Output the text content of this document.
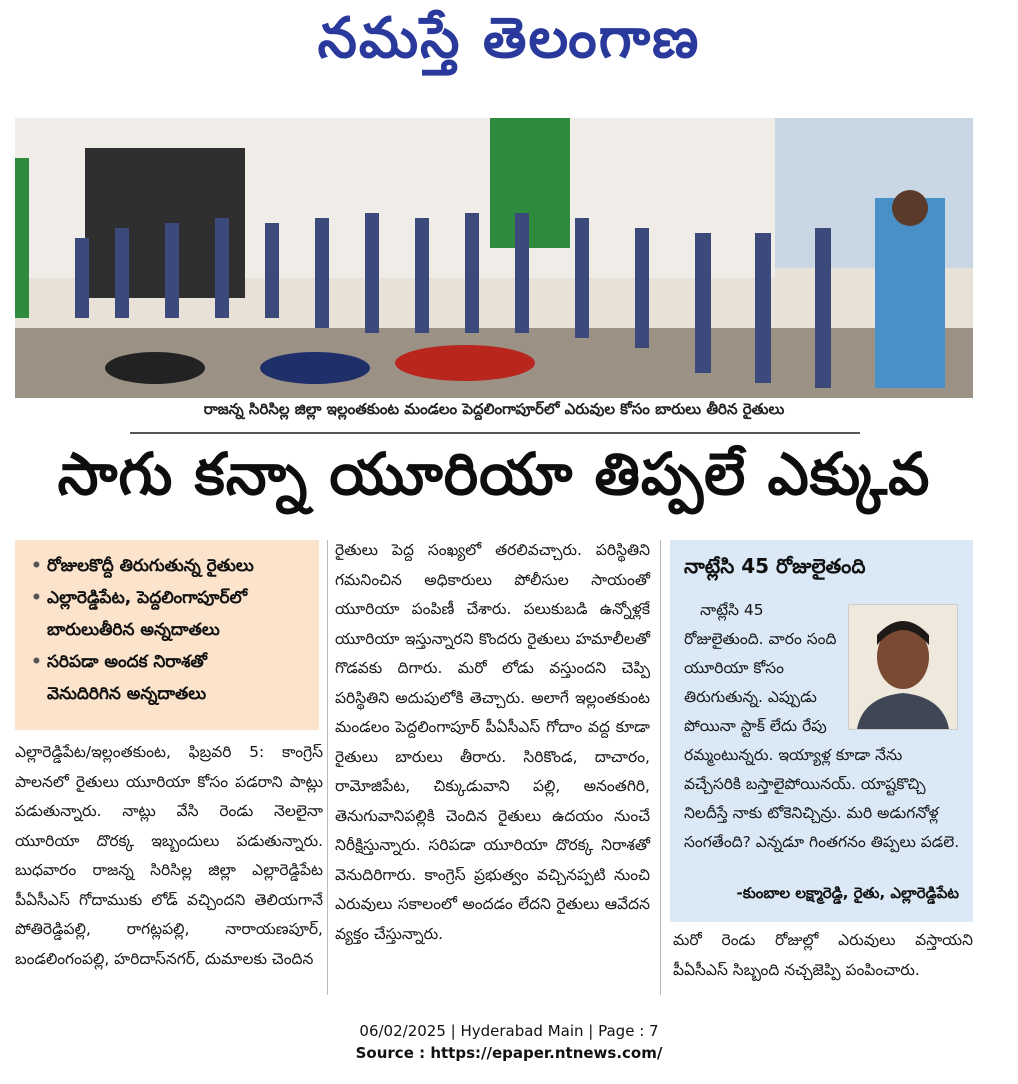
నమస్తే తెలంగాణ
రాజన్న సిరిసిల్ల జిల్లా ఇల్లంతకుంట మండలం పెద్దలింగాపూర్‌లో ఎరువుల కోసం బారులు తీరిన రైతులు
సాగు కన్నా యూరియా తిప్పలే ఎక్కువ
• రోజులకొద్దీ తిరుగుతున్న రైతులు
• ఎల్లారెడ్డిపేట, పెద్దలింగాపూర్‌లో
బారులుతీరిన అన్నదాతలు
• సరిపడా అందక నిరాశతో
వెనుదిరిగిన అన్నదాతలు

ఎల్లారెడ్డిపేట/ఇల్లంతకుంట, ఫిబ్రవరి 5: కాంగ్రెస్ పాలనలో రైతులు యూరియా కోసం పడరాని పాట్లు పడుతున్నారు. నాట్లు వేసి రెండు నెలలైనా యూరియా దొరక్క ఇబ్బందులు పడుతున్నారు. బుధవారం రాజన్న సిరిసిల్ల జిల్లా ఎల్లారెడ్డిపేట పీఏసీఎస్ గోదాముకు లోడ్ వచ్చిందని తెలియగానే పోతిరెడ్డిపల్లి, రాగట్లపల్లి, నారాయణపూర్, బండలింగంపల్లి, హరిదాస్‌నగర్, దుమాలకు చెందిన

రైతులు పెద్ద సంఖ్యలో తరలివచ్చారు. పరిస్థితిని గమనించిన అధికారులు పోలీసుల సాయంతో యూరియా పంపిణీ చేశారు. పలుకుబడి ఉన్నోళ్లకే యూరియా ఇస్తున్నారని కొందరు రైతులు హమాలీలతో గొడవకు దిగారు. మరో లోడు వస్తుందని చెప్పి పరిస్థితిని అదుపులోకి తెచ్చారు. అలాగే ఇల్లంతకుంట మండలం పెద్దలింగాపూర్ పీఏసీఎస్ గోదాం వద్ద కూడా రైతులు బారులు తీరారు. సిరికొండ, దాచారం, రామోజిపేట, చిక్కుడువాని పల్లి, అనంతగిరి, తెనుగువానిపల్లికి చెందిన రైతులు ఉదయం నుంచే నిరీక్షిస్తున్నారు. సరిపడా యూరియా దొరక్క నిరాశతో వెనుదిరిగారు. కాంగ్రెస్ ప్రభుత్వం వచ్చినప్పటి నుంచి ఎరువులు సకాలంలో అందడం లేదని రైతులు ఆవేదన వ్యక్తం చేస్తున్నారు.

నాట్లేసి 45 రోజులైతంది

నాట్లేసి 45 రోజులైతుంది. వారం సంది యూరియా కోసం తిరుగుతున్న. ఎప్పుడు పోయినా స్టాక్ లేదు రేపు రమ్మంటున్నరు. ఇయ్యాళ్ల కూడా నేను వచ్చేసరికి బస్తాలైపోయినయ్. యాష్టకొచ్చి నిలదీస్తే నాకు టోకెనిచ్చిన్రు. మరి అడుగనోళ్ల సంగతేంది? ఎన్నడూ గింతగనం తిప్పలు పడలె.

-కుంబాల లక్ష్మారెడ్డి, రైతు, ఎల్లారెడ్డిపేట

మరో రెండు రోజుల్లో ఎరువులు వస్తాయని పీఏసీఎస్ సిబ్బంది నచ్చజెప్పి పంపించారు.

06/02/2025 | Hyderabad Main | Page : 7
Source : https://epaper.ntnews.com/
